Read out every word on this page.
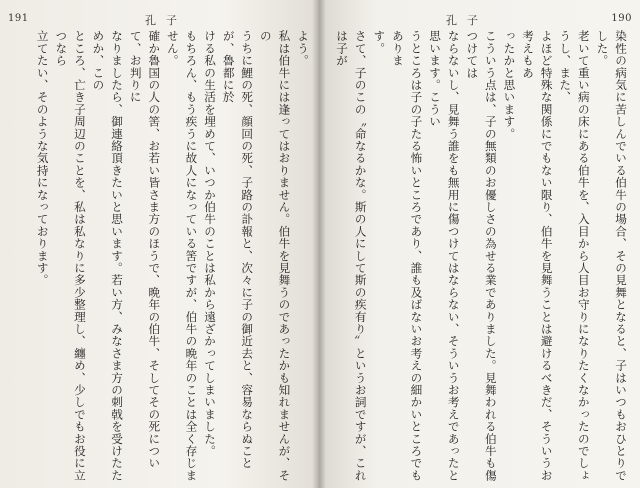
191	孔子

よう。

私は伯牛には逢ってはおりません。伯牛を見舞うのであったかも知れませんが、その

うちに鯉の死、顔回の死、子路の訃報と、次々に子の御近去と、容易ならぬことが、魯都に於

ける私の生活を埋めて、いつか伯牛のことは私から遠ざかってしまいました。

もちろん、もう疾うに故人になっている筈ですが、伯牛の晩年のことは全く存じません。

確か魯国の人の筈、お若い皆さま方のほうで、晩年の伯牛、そしてその死について、お判りに

なりましたら、御連絡頂きたいと思います。若い方、みなさま方の刺戟を受けたためか、この

ところ、亡き子周辺のことを、私は私なりに多少整理し、纏め、少しでもお役に立つなら

立てたい、そのような気持になっております。

孔子	190

染性の病気に苦しんでいる伯牛の場合、その見舞となると、子はいつもおひとりでした。

老いて重い病の床にある伯牛を、入目から人目お守りになりたくなかったのでしょうし、また、

よほど特殊な関係にでもない限り、伯牛を見舞うことは避けるべきだ、そういうお考えもあ

ったかと思います。

こういう点は、子の無類のお優しさの為せる業でありました。見舞われる伯牛も傷つけては

ならないし、見舞う誰をも無用に傷つけてはならない、そういうお考えであったと思います。こうい

うところは子の子たる怖いところであり、誰も及ばないお考えの細かいところでもありま

す。

さて、子のこの〝命なるかな。斯の人にして斯の疾有り〟というお詞ですが、これは子が
